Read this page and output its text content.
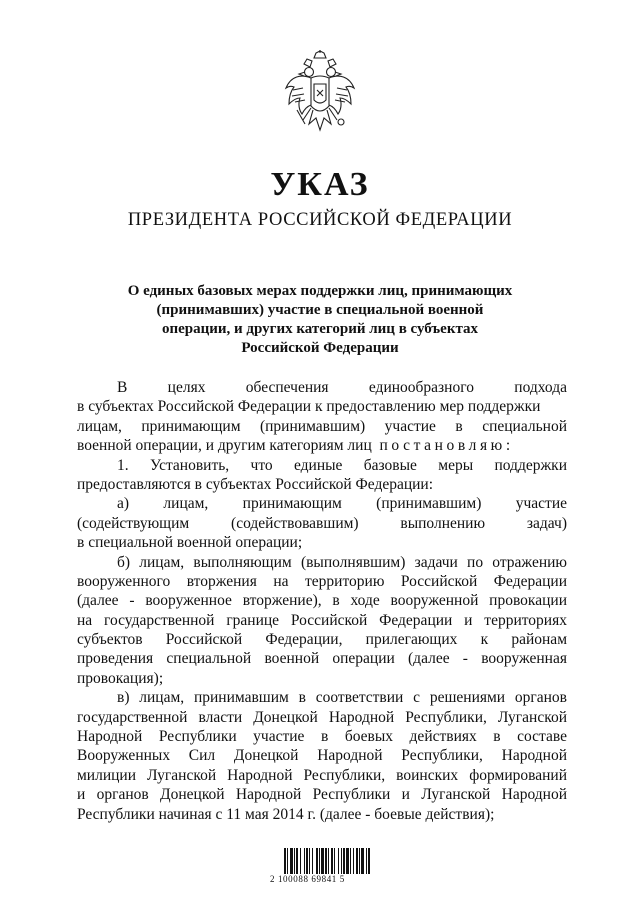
УКАЗ
ПРЕЗИДЕНТА РОССИЙСКОЙ ФЕДЕРАЦИИ
О единых базовых мерах поддержки лиц, принимающих
(принимавших) участие в специальной военной
операции, и других категорий лиц в субъектах
Российской Федерации
В целях обеспечения единообразного подхода
в субъектах Российской Федерации к предоставлению мер поддержки
лицам, принимающим (принимавшим) участие в специальной
военной операции, и другим категориям лиц постановляю:
1. Установить, что единые базовые меры поддержки
предоставляются в субъектах Российской Федерации:
а) лицам, принимающим (принимавшим) участие
(содействующим (содействовавшим) выполнению задач)
в специальной военной операции;
б) лицам, выполняющим (выполнявшим) задачи по отражению
вооруженного вторжения на территорию Российской Федерации
(далее - вооруженное вторжение), в ходе вооруженной провокации
на государственной границе Российской Федерации и территориях
субъектов Российской Федерации, прилегающих к районам
проведения специальной военной операции (далее - вооруженная
провокация);
в) лицам, принимавшим в соответствии с решениями органов
государственной власти Донецкой Народной Республики, Луганской
Народной Республики участие в боевых действиях в составе
Вооруженных Сил Донецкой Народной Республики, Народной
милиции Луганской Народной Республики, воинских формирований
и органов Донецкой Народной Республики и Луганской Народной
Республики начиная с 11 мая 2014 г. (далее - боевые действия);
2 100088 69841 5
